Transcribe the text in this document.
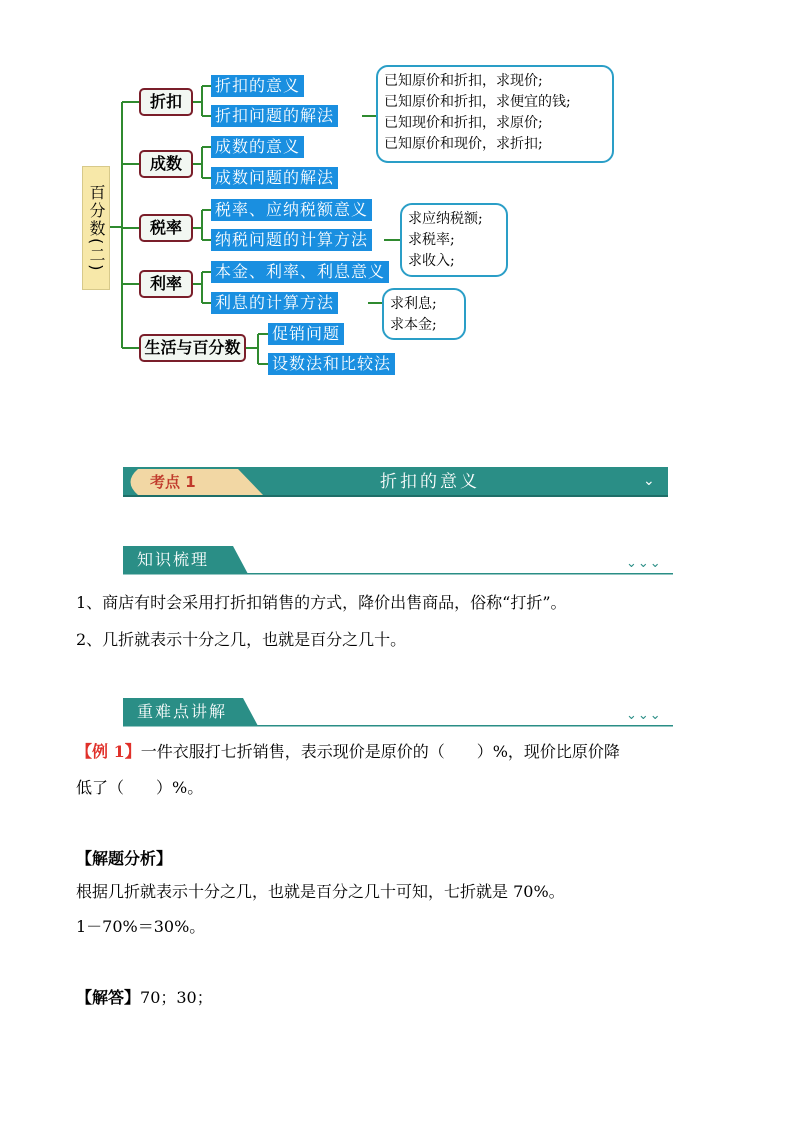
百分数(二)
折扣
成数
税率
利率
生活与百分数
折扣的意义
折扣问题的解法
成数的意义
成数问题的解法
税率、应纳税额意义
纳税问题的计算方法
本金、利率、利息意义
利息的计算方法
促销问题
设数法和比较法
已知原价和折扣，求现价;
已知原价和折扣，求便宜的钱;
已知现价和折扣，求原价;
已知原价和现价，求折扣;
求应纳税额;
求税率;
求收入;
求利息;
求本金;
考点 1	折扣的意义	⌄
知识梳理	⌄⌄⌄
1、商店有时会采用打折扣销售的方式，降价出售商品，俗称“打折”。
2、几折就表示十分之几，也就是百分之几十。
重难点讲解	⌄⌄⌄
【例 1】一件衣服打七折销售，表示现价是原价的（　　）%，现价比原价降
低了（　　）%。
【解题分析】
根据几折就表示十分之几，也就是百分之几十可知，七折就是 70%。
1－70%＝30%。
【解答】70；30；
